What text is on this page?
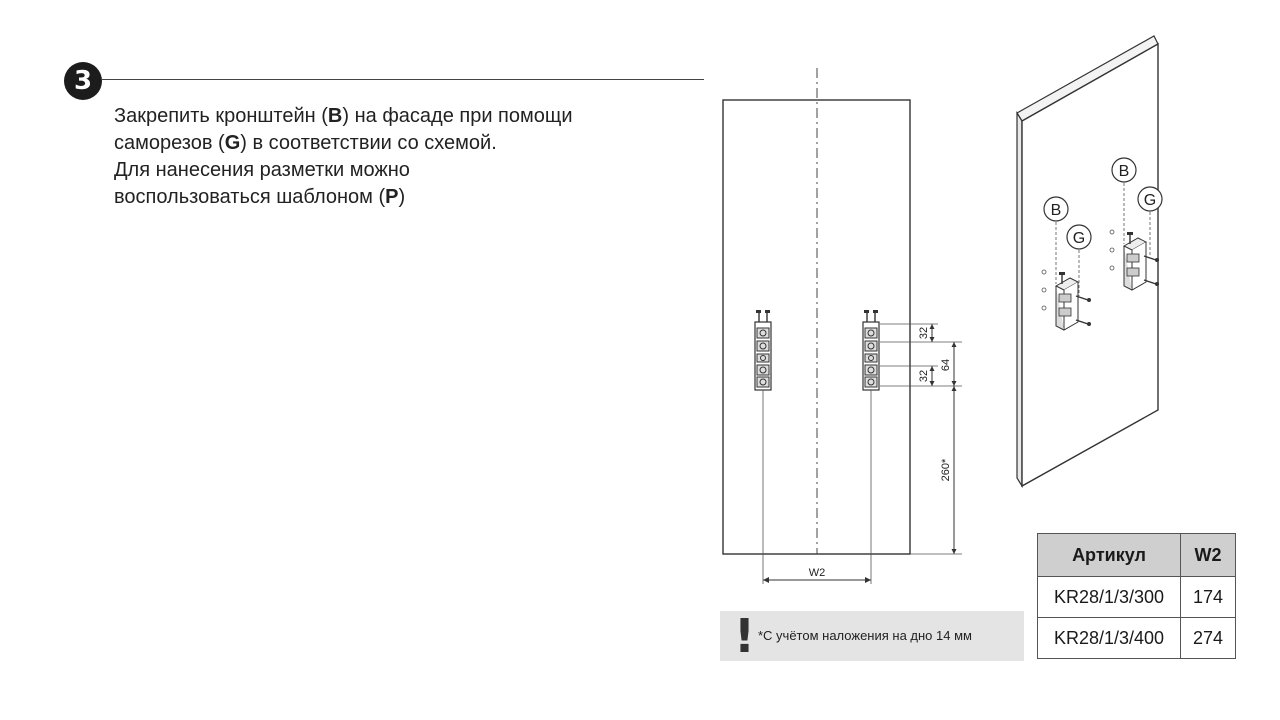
3
Закрепить кронштейн (B) на фасаде при помощи
саморезов (G) в соответствии со схемой.
Для нанесения разметки можно
воспользоваться шаблоном (P)
W2
32
32
64
260*
B
G
B
G
! *С учётом наложения на дно 14 мм
Артикул	W2
KR28/1/3/300	174
KR28/1/3/400	274
